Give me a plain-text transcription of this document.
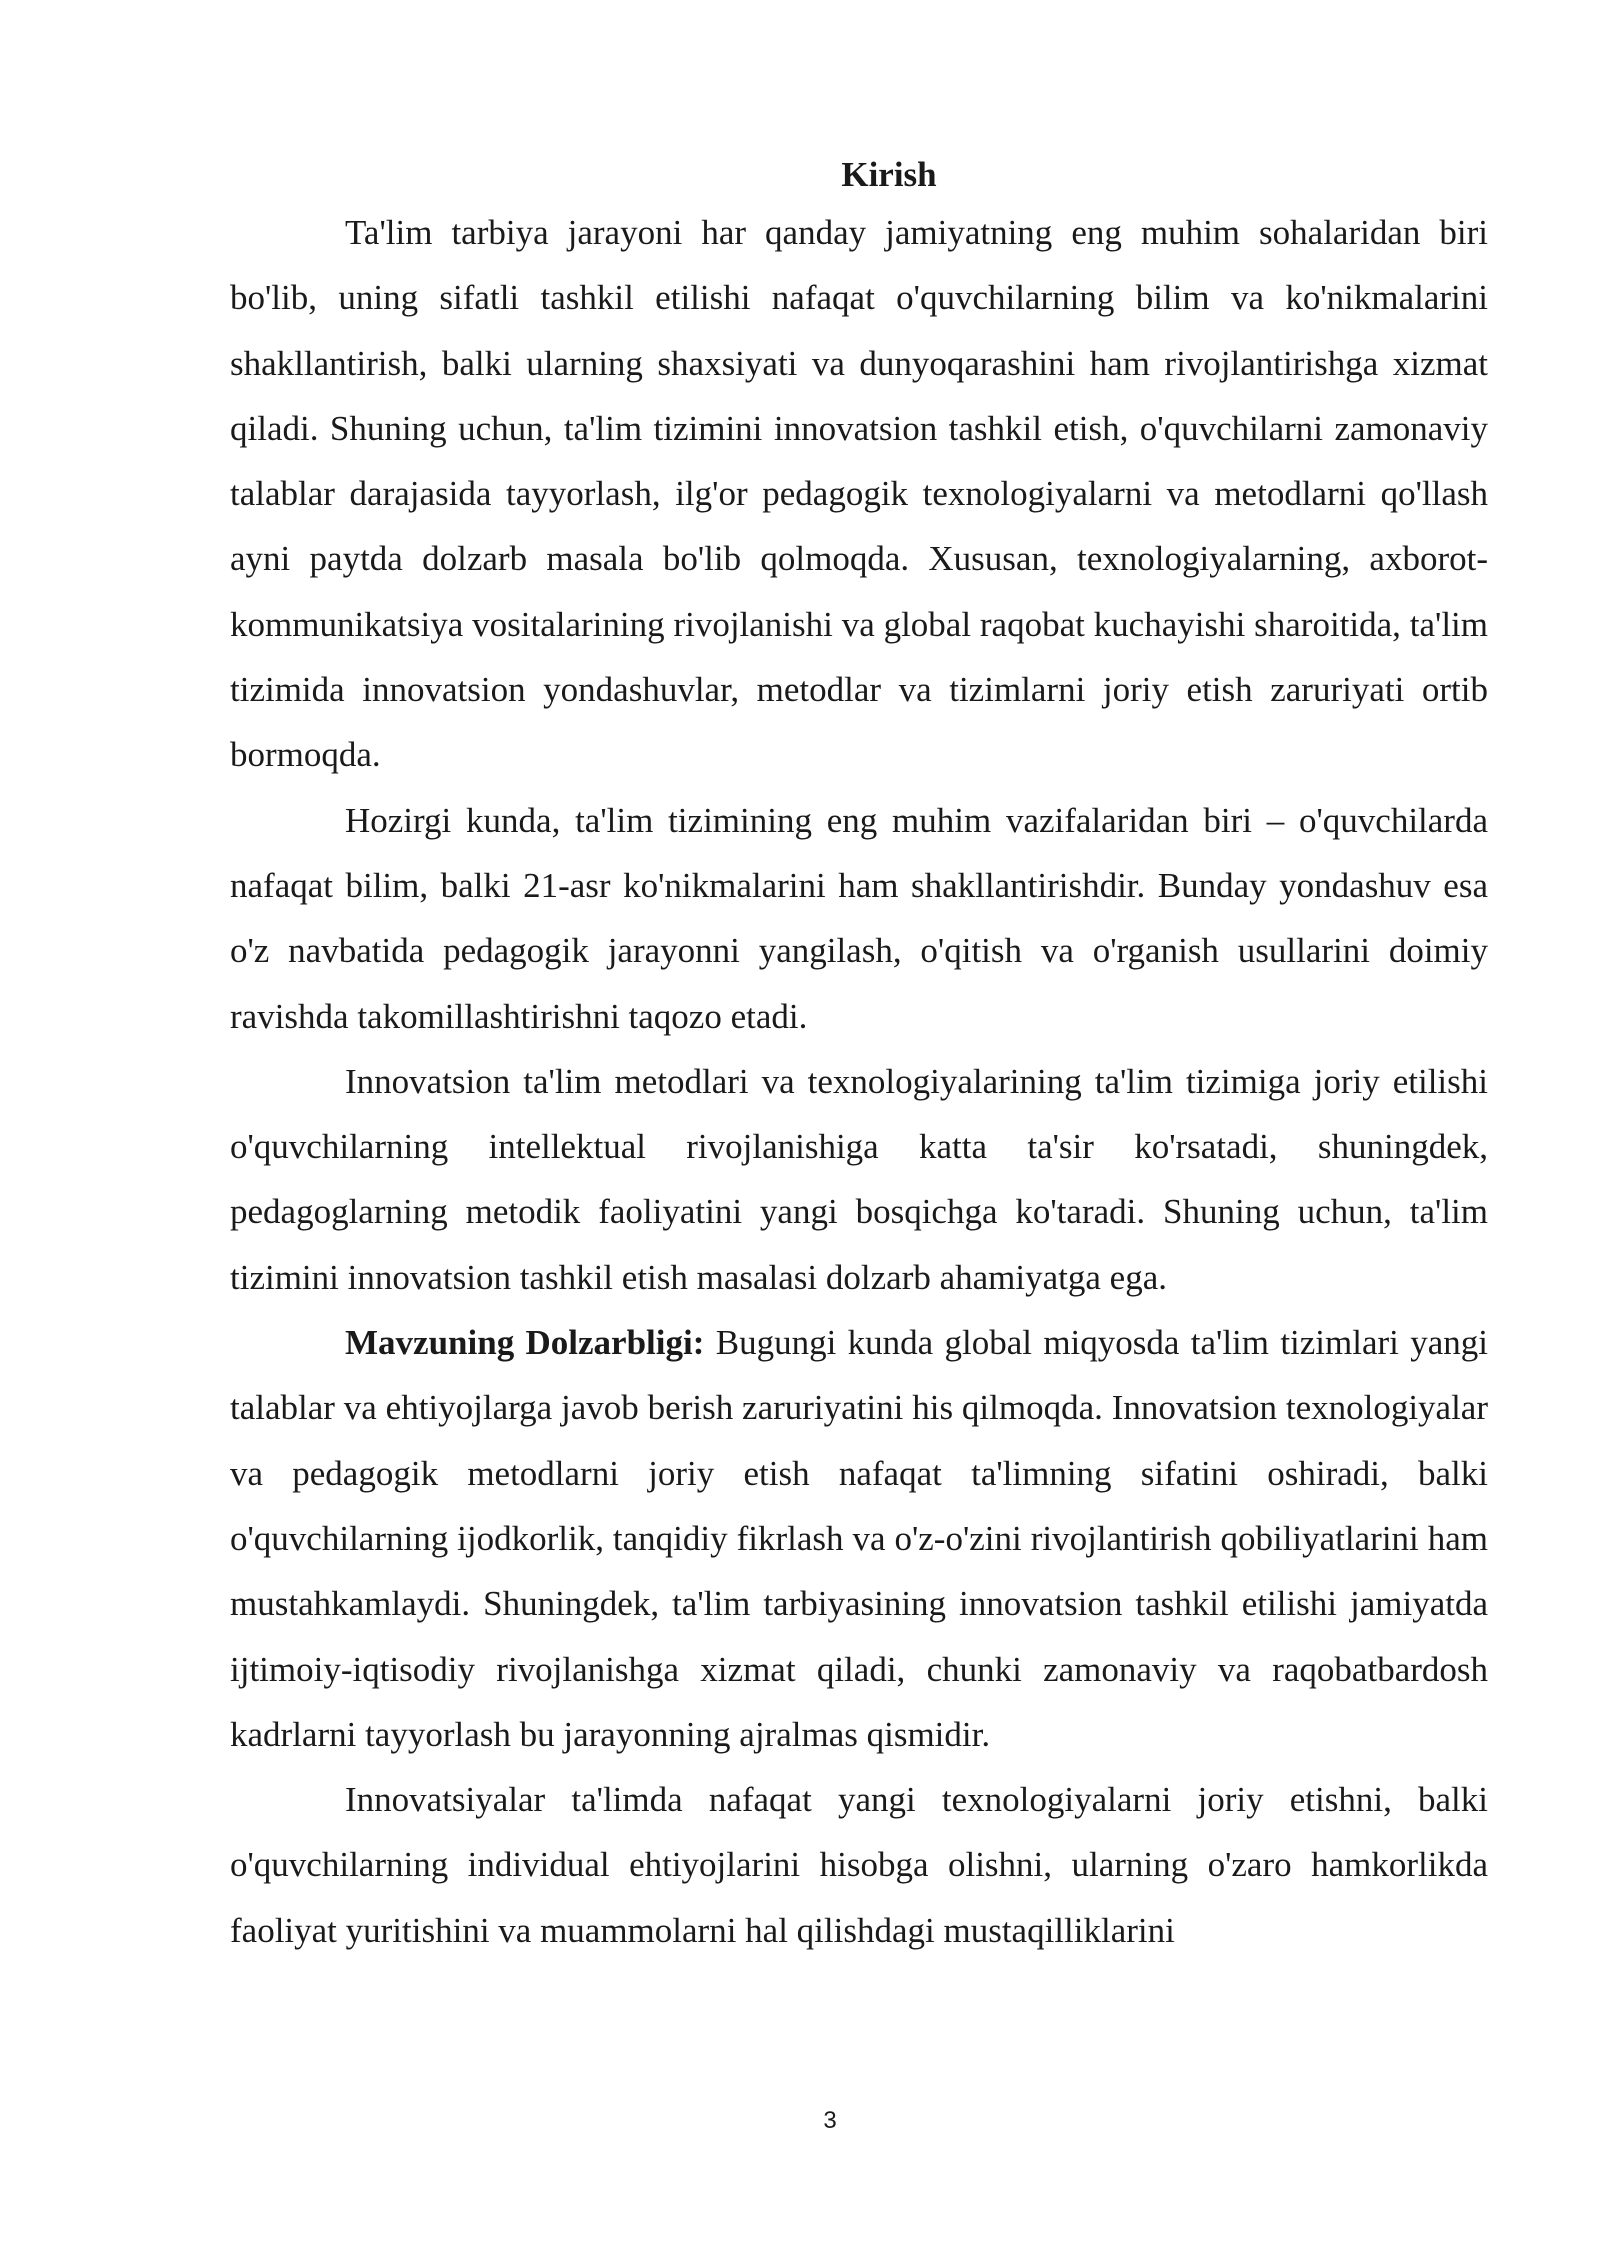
Kirish

Ta'lim tarbiya jarayoni har qanday jamiyatning eng muhim sohalaridan biri bo'lib, uning sifatli tashkil etilishi nafaqat o'quvchilarning bilim va ko'nikmalarini shakllantirish, balki ularning shaxsiyati va dunyoqarashini ham rivojlantirishga xizmat qiladi. Shuning uchun, ta'lim tizimini innovatsion tashkil etish, o'quvchilarni zamonaviy talablar darajasida tayyorlash, ilg'or pedagogik texnologiyalarni va metodlarni qo'llash ayni paytda dolzarb masala bo'lib qolmoqda. Xususan, texnologiyalarning, axborot-kommunikatsiya vositalarining rivojlanishi va global raqobat kuchayishi sharoitida, ta'lim tizimida innovatsion yondashuvlar, metodlar va tizimlarni joriy etish zaruriyati ortib bormoqda.

Hozirgi kunda, ta'lim tizimining eng muhim vazifalaridan biri – o'quvchilarda nafaqat bilim, balki 21-asr ko'nikmalarini ham shakllantirishdir. Bunday yondashuv esa o'z navbatida pedagogik jarayonni yangilash, o'qitish va o'rganish usullarini doimiy ravishda takomillashtirishni taqozo etadi.

Innovatsion ta'lim metodlari va texnologiyalarining ta'lim tizimiga joriy etilishi o'quvchilarning intellektual rivojlanishiga katta ta'sir ko'rsatadi, shuningdek, pedagoglarning metodik faoliyatini yangi bosqichga ko'taradi. Shuning uchun, ta'lim tizimini innovatsion tashkil etish masalasi dolzarb ahamiyatga ega.

Mavzuning Dolzarbligi: Bugungi kunda global miqyosda ta'lim tizimlari yangi talablar va ehtiyojlarga javob berish zaruriyatini his qilmoqda. Innovatsion texnologiyalar va pedagogik metodlarni joriy etish nafaqat ta'limning sifatini oshiradi, balki o'quvchilarning ijodkorlik, tanqidiy fikrlash va o'z-o'zini rivojlantirish qobiliyatlarini ham mustahkamlaydi. Shuningdek, ta'lim tarbiyasining innovatsion tashkil etilishi jamiyatda ijtimoiy-iqtisodiy rivojlanishga xizmat qiladi, chunki zamonaviy va raqobatbardosh kadrlarni tayyorlash bu jarayonning ajralmas qismidir.

Innovatsiyalar ta'limda nafaqat yangi texnologiyalarni joriy etishni, balki o'quvchilarning individual ehtiyojlarini hisobga olishni, ularning o'zaro hamkorlikda faoliyat yuritishini va muammolarni hal qilishdagi mustaqilliklarini

3
